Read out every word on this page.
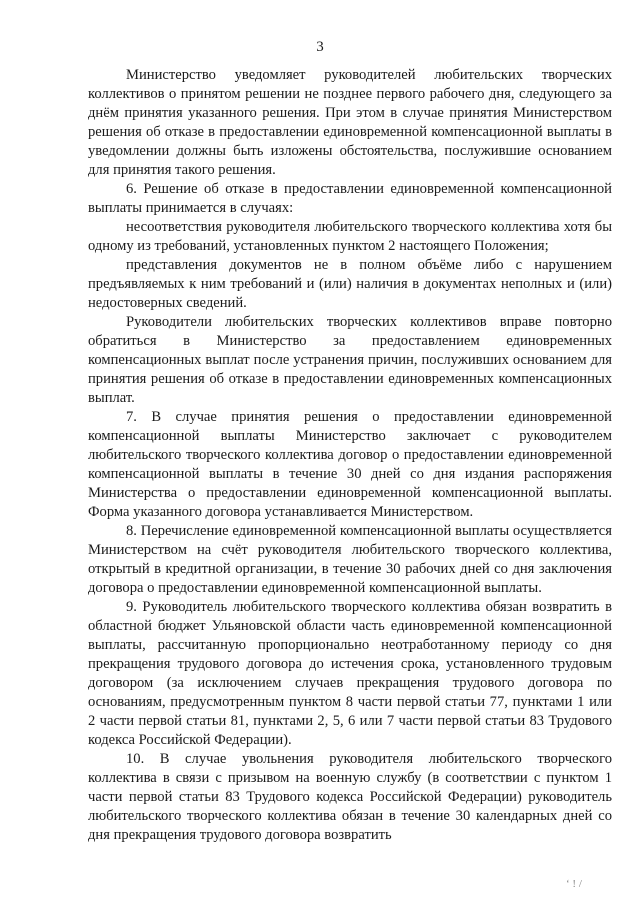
3

Министерство уведомляет руководителей любительских творческих коллективов о принятом решении не позднее первого рабочего дня, следующего за днём принятия указанного решения. При этом в случае принятия Министерством решения об отказе в предоставлении единовременной компенсационной выплаты в уведомлении должны быть изложены обстоятельства, послужившие основанием для принятия такого решения.

6. Решение об отказе в предоставлении единовременной компенсационной выплаты принимается в случаях:

несоответствия руководителя любительского творческого коллектива хотя бы одному из требований, установленных пунктом 2 настоящего Положения;

представления документов не в полном объёме либо с нарушением предъявляемых к ним требований и (или) наличия в документах неполных и (или) недостоверных сведений.

Руководители любительских творческих коллективов вправе повторно обратиться в Министерство за предоставлением единовременных компенсационных выплат после устранения причин, послуживших основанием для принятия решения об отказе в предоставлении единовременных компенсационных выплат.

7. В случае принятия решения о предоставлении единовременной компенсационной выплаты Министерство заключает с руководителем любительского творческого коллектива договор о предоставлении единовременной компенсационной выплаты в течение 30 дней со дня издания распоряжения Министерства о предоставлении единовременной компенсационной выплаты. Форма указанного договора устанавливается Министерством.

8. Перечисление единовременной компенсационной выплаты осуществляется Министерством на счёт руководителя любительского творческого коллектива, открытый в кредитной организации, в течение 30 рабочих дней со дня заключения договора о предоставлении единовременной компенсационной выплаты.

9. Руководитель любительского творческого коллектива обязан возвратить в областной бюджет Ульяновской области часть единовременной компенсационной выплаты, рассчитанную пропорционально неотработанному периоду со дня прекращения трудового договора до истечения срока, установленного трудовым договором (за исключением случаев прекращения трудового договора по основаниям, предусмотренным пунктом 8 части первой статьи 77, пунктами 1 или 2 части первой статьи 81, пунктами 2, 5, 6 или 7 части первой статьи 83 Трудового кодекса Российской Федерации).

10. В случае увольнения руководителя любительского творческого коллектива в связи с призывом на военную службу (в соответствии с пунктом 1 части первой статьи 83 Трудового кодекса Российской Федерации) руководитель любительского творческого коллектива обязан в течение 30 календарных дней со дня прекращения трудового договора возвратить

ʻ ! /
